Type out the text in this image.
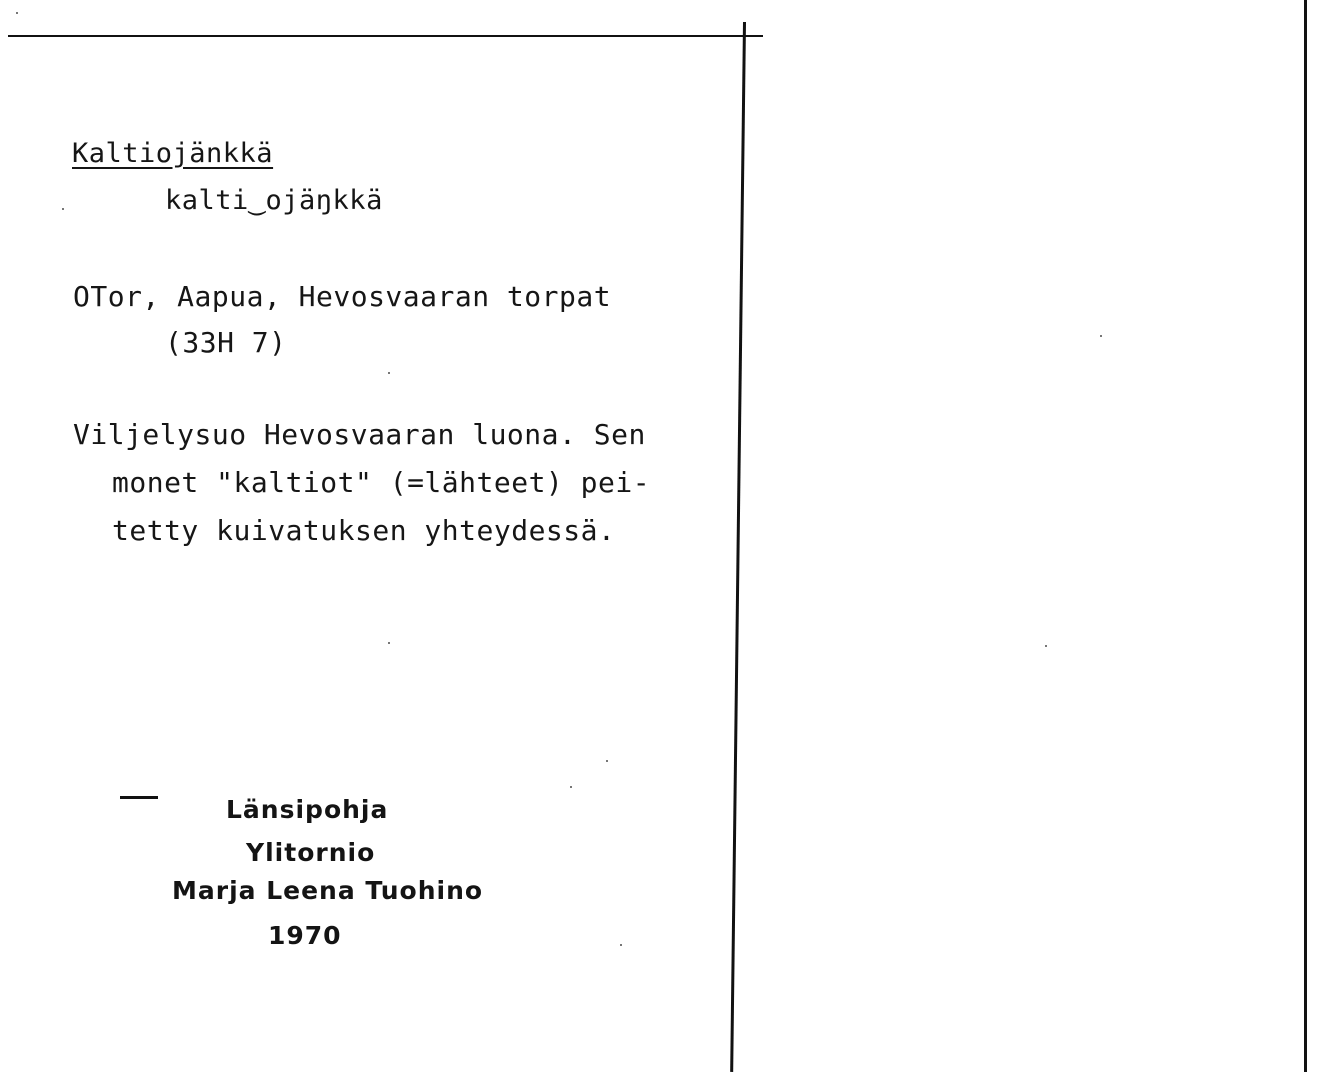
Kaltiojänkkä
kalti‿ojäŋkkä
OTor, Aapua, Hevosvaaran torpat
(33H 7)
Viljelysuo Hevosvaaran luona. Sen
monet "kaltiot" (=lähteet) pei-
tetty kuivatuksen yhteydessä.
Länsipohja
Ylitornio
Marja Leena Tuohino
1970
